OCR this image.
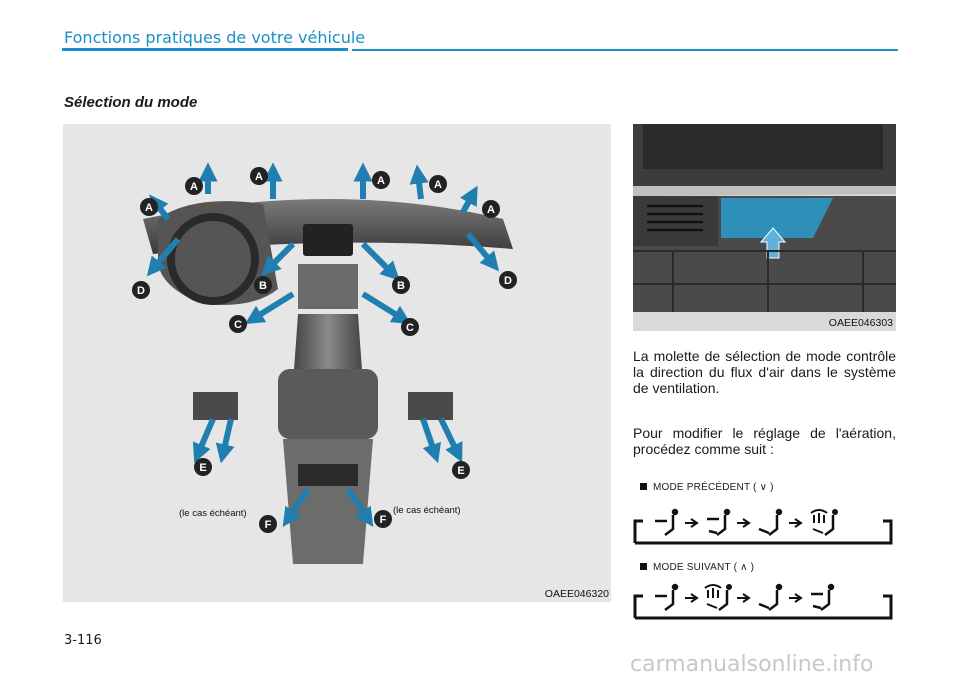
Fonctions pratiques de votre véhicule
Sélection du mode
A
A	A	A
A	A
D
D
B	B
C	C
E	E
F	F
(le cas échéant)	(le cas échéant)
OAEE046320
OAEE046303
La molette de sélection de mode contrôle la direction du flux d'air dans le système de ventilation.
Pour modifier le réglage de l'aération, procédez comme suit :
MODE PRÉCÉDENT ( ∨ )
MODE SUIVANT ( ∧ )
3-116
carmanualsonline.info
